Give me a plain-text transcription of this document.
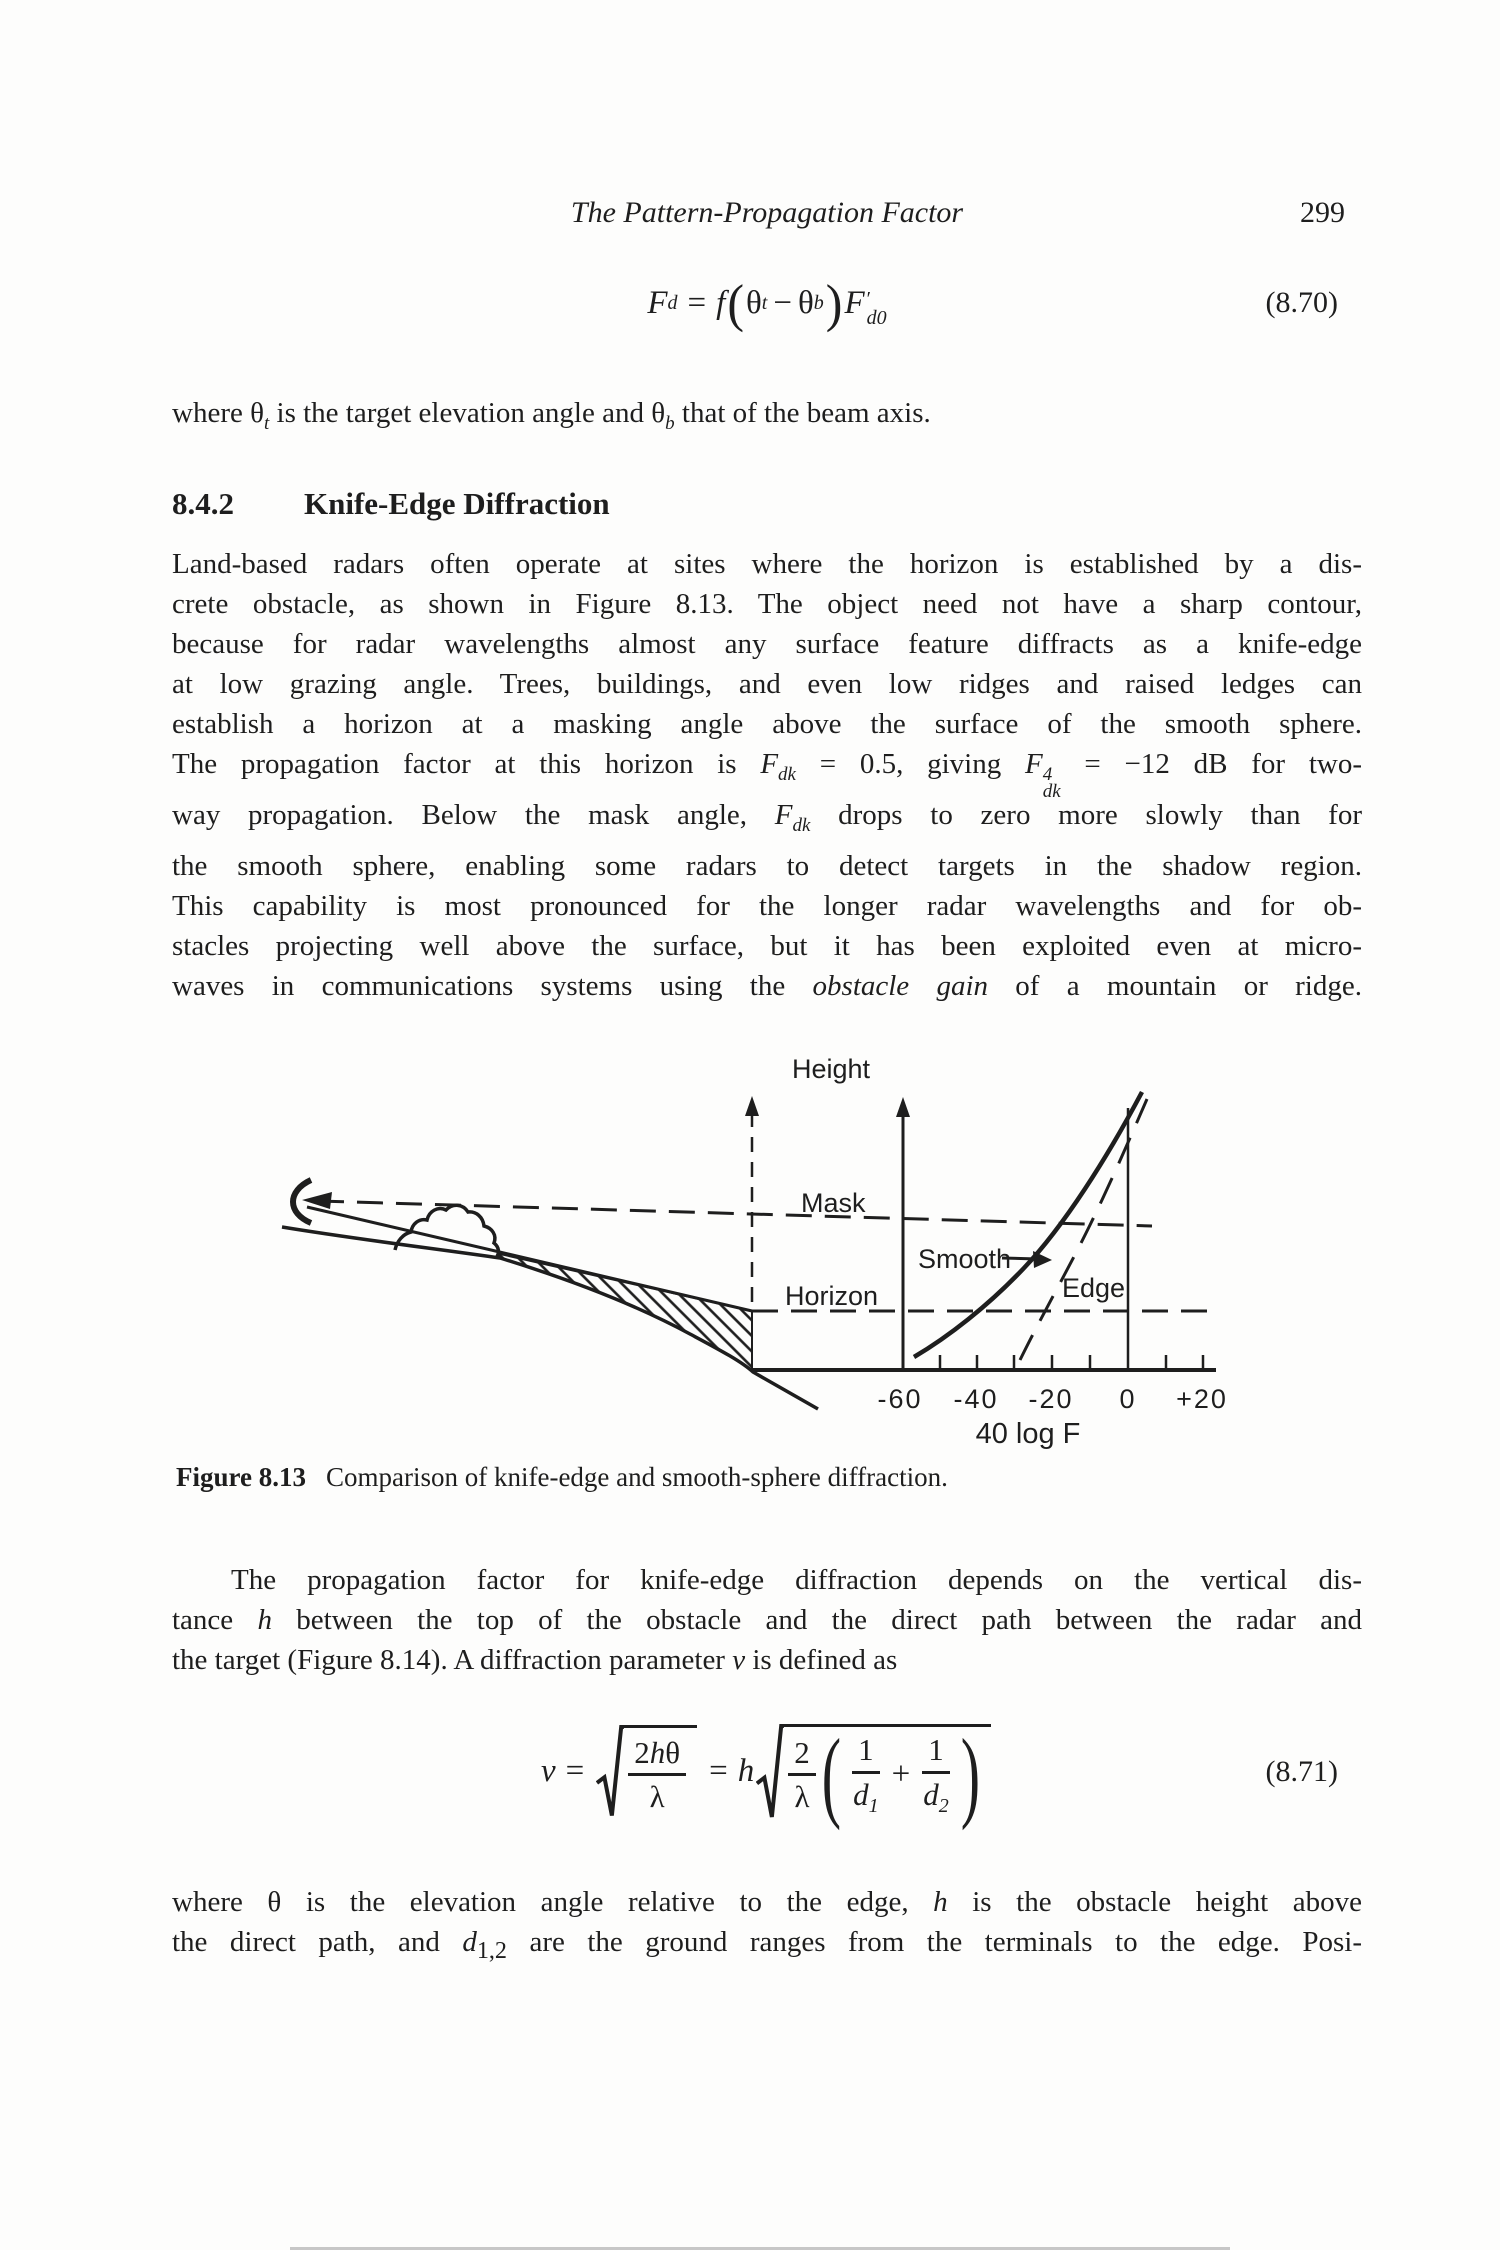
The Pattern-Propagation Factor	299
F d = f ( θ t − θ b ) F ′
d0	(8.70)
where $\theta_t$ is the target elevation angle and $\theta_b$ that of the beam axis.
8.4.2 Knife-Edge Diffraction
Land-based radars often operate at sites where the horizon is established by a dis-
crete obstacle, as shown in Figure 8.13. The object need not have a sharp contour,
because for radar wavelengths almost any surface feature diffracts as a knife-edge
at low grazing angle. Trees, buildings, and even low ridges and raised ledges can
establish a horizon at a masking angle above the surface of the smooth sphere.
The propagation factor at this horizon is $F_{dk} = 0.5$, giving F 4
dk
= −12 dB for two-
way propagation. Below the mask angle, $F_{dk}$ drops to zero more slowly than for
the smooth sphere, enabling some radars to detect targets in the shadow region.
This capability is most pronounced for the longer radar wavelengths and for ob-
stacles projecting well above the surface, but it has been exploited even at micro-
waves in communications systems using the obstacle gain of a mountain or ridge.
Height
Mask
Horizon
Smooth
Edge
-60 -40 -20 0 +20
40 log F

Figure 8.13 Comparison of knife-edge and smooth-sphere diffraction.

The propagation factor for knife-edge diffraction depends on the vertical dis-
tance h between the top of the obstacle and the direct path between the radar and
the target (Figure 8.14). A diffraction parameter v is defined as
$v = \frac{2h\theta}{\lambda} = h \frac{2}{\lambda}$ ( $\frac{1}{d_1} + \frac{1}{d_2}$ )	(8.71)
where θ is the elevation angle relative to the edge, h is the obstacle height above
the direct path, and $d_{1,2}$ are the ground ranges from the terminals to the edge. Posi-
